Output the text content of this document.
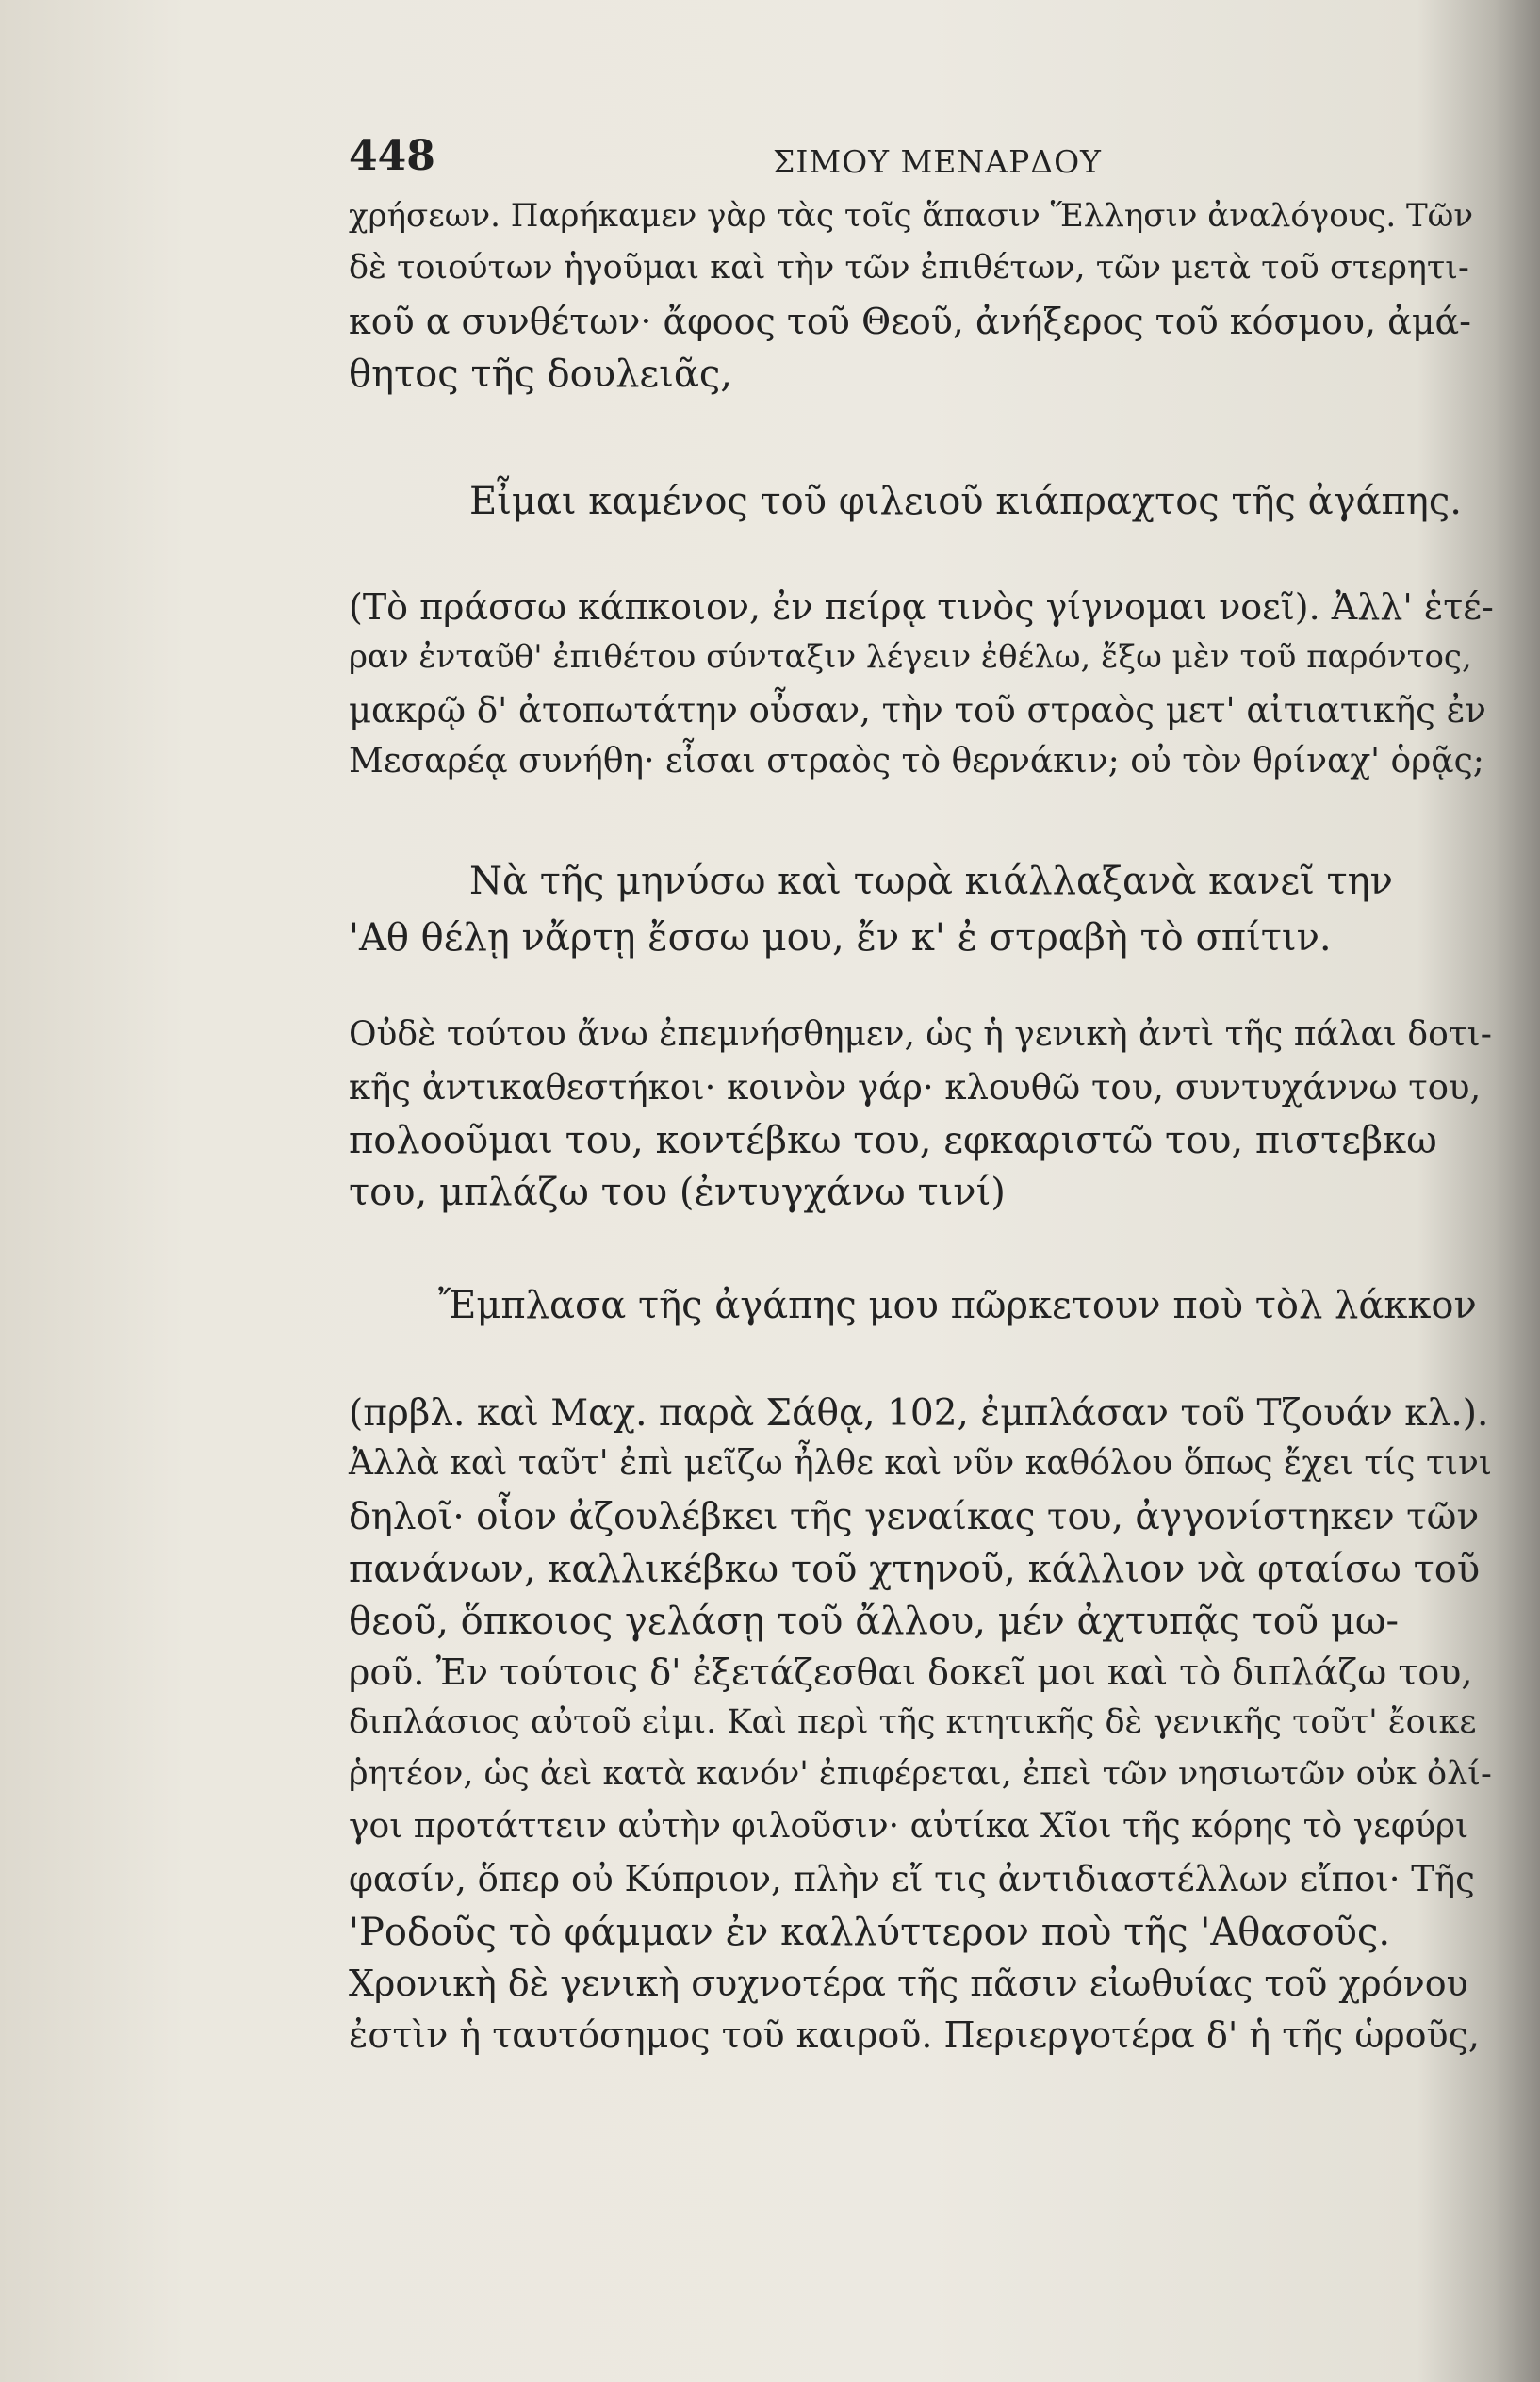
448	ΣΙΜΟΥ ΜΕΝΑΡΔΟΥ
χρήσεων. Παρήκαμεν γὰρ τὰς τοῖς ἅπασιν Ἕλλησιν ἀναλόγους. Τῶν
δὲ τοιούτων ἡγοῦμαι καὶ τὴν τῶν ἐπιθέτων, τῶν μετὰ τοῦ στερητι-
κοῦ α συνθέτων· ἄφοος τοῦ Θεοῦ, ἀνήξερος τοῦ κόσμου, ἀμά-
θητος τῆς δουλειᾶς,
Εἶμαι καμένος τοῦ φιλειοῦ κιάπραχτος τῆς ἀγάπης.
(Τὸ πράσσω κάπκοιον, ἐν πείρᾳ τινὸς γίγνομαι νοεῖ). Ἀλλ' ἑτέ-
ραν ἐνταῦθ' ἐπιθέτου σύνταξιν λέγειν ἐθέλω, ἔξω μὲν τοῦ παρόντος,
μακρῷ δ' ἀτοπωτάτην οὖσαν, τὴν τοῦ στραὸς μετ' αἰτιατικῆς ἐν
Μεσαρέᾳ συνήθη· εἶσαι στραὸς τὸ θερνάκιν; οὐ τὸν θρίναχ' ὁρᾷς;
Νὰ τῆς μηνύσω καὶ τωρὰ κιάλλαξανὰ κανεῖ την
'Αθ θέλῃ νἄρτῃ ἔσσω μου, ἔν κ' ἐ στραβὴ τὸ σπίτιν.
Οὐδὲ τούτου ἄνω ἐπεμνήσθημεν, ὡς ἡ γενικὴ ἀντὶ τῆς πάλαι δοτι-
κῆς ἀντικαθεστήκοι· κοινὸν γάρ· κλουθῶ του, συντυχάννω του,
πολοοῦμαι του, κοντέβκω του, εφκαριστῶ του, πιστεβκω
του, μπλάζω του (ἐντυγχάνω τινί)
Ἔμπλασα τῆς ἀγάπης μου πῶρκετουν ποὺ τὸλ λάκκον
(πρβλ. καὶ Μαχ. παρὰ Σάθᾳ, 102, ἐμπλάσαν τοῦ Τζουάν κλ.).
Ἀλλὰ καὶ ταῦτ' ἐπὶ μεῖζω ἦλθε καὶ νῦν καθόλου ὅπως ἔχει τίς τινι
δηλοῖ· οἷον ἀζουλέβκει τῆς γεναίκας του, ἀγγονίστηκεν τῶν
πανάνων, καλλικέβκω τοῦ χτηνοῦ, κάλλιον νὰ φταίσω τοῦ
θεοῦ, ὅπκοιος γελάσῃ τοῦ ἄλλου, μέν ἀχτυπᾷς τοῦ μω-
ροῦ. Ἐν τούτοις δ' ἐξετάζεσθαι δοκεῖ μοι καὶ τὸ διπλάζω του,
διπλάσιος αὐτοῦ εἰμι. Καὶ περὶ τῆς κτητικῆς δὲ γενικῆς τοῦτ' ἔοικε
ῥητέον, ὡς ἀεὶ κατὰ κανόν' ἐπιφέρεται, ἐπεὶ τῶν νησιωτῶν οὐκ ὀλί-
γοι προτάττειν αὐτὴν φιλοῦσιν· αὐτίκα Χῖοι τῆς κόρης τὸ γεφύρι
φασίν, ὅπερ οὐ Κύπριον, πλὴν εἴ τις ἀντιδιαστέλλων εἴποι· Τῆς
'Ροδοῦς τὸ φάμμαν ἐν καλλύττερον ποὺ τῆς 'Αθασοῦς.
Χρονικὴ δὲ γενικὴ συχνοτέρα τῆς πᾶσιν εἰωθυίας τοῦ χρόνου
ἐστὶν ἡ ταυτόσημος τοῦ καιροῦ. Περιεργοτέρα δ' ἡ τῆς ὡροῦς,
